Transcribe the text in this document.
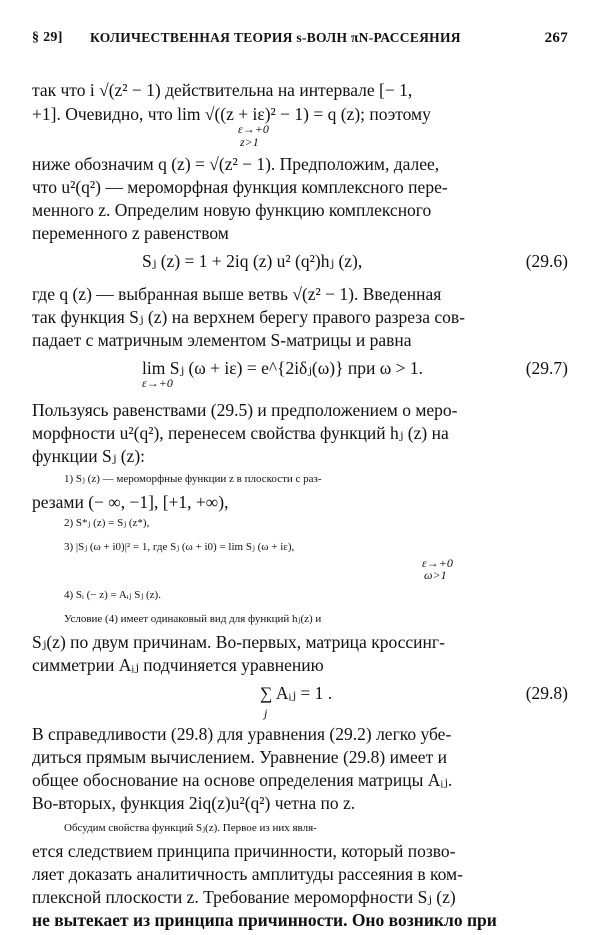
§ 29] КОЛИЧЕСТВЕННАЯ ТЕОРИЯ s-ВОЛН πN-РАССЕЯНИЯ	267
так что i √(z² − 1) действительна на интервале [− 1,
+1]. Очевидно, что lim √((z + iε)² − 1) = q (z); поэтому
ε→+0
z>1
ниже обозначим q (z) = √(z² − 1). Предположим, далее,
что u²(q²) — мероморфная функция комплексного пере-
менного z. Определим новую функцию комплексного
переменного z равенством
Sⱼ (z) = 1 + 2iq (z) u² (q²)hⱼ (z),	(29.6)
где q (z) — выбранная выше ветвь √(z² − 1). Введенная
так функция Sⱼ (z) на верхнем берегу правого разреза сов-
падает с матричным элементом S-матрицы и равна
lim Sⱼ (ω + iε) = e^{2iδⱼ(ω)} при ω > 1.	(29.7)
ε→+0
Пользуясь равенствами (29.5) и предположением о меро-
морфности u²(q²), перенесем свойства функций hⱼ (z) на
функции Sⱼ (z):
1) Sⱼ (z) — мероморфные функции z в плоскости с раз-
резами (− ∞, −1], [+1, +∞),
2) S*ⱼ (z) = Sⱼ (z*),
3) |Sⱼ (ω + i0)|² = 1, где Sⱼ (ω + i0) = lim Sⱼ (ω + iε),
ε→+0
ω>1
4) Sᵢ (− z) = Aᵢⱼ Sⱼ (z).
Условие (4) имеет одинаковый вид для функций hⱼ(z) и
Sⱼ(z) по двум причинам. Во-первых, матрица кроссинг-
симметрии Aᵢⱼ подчиняется уравнению
∑ Aᵢⱼ = 1 .
j
(29.8)
В справедливости (29.8) для уравнения (29.2) легко убе-
диться прямым вычислением. Уравнение (29.8) имеет и
общее обоснование на основе определения матрицы Aᵢⱼ.
Во-вторых, функция 2iq(z)u²(q²) четна по z.
Обсудим свойства функций Sⱼ(z). Первое из них явля-
ется следствием принципа причинности, который позво-
ляет доказать аналитичность амплитуды рассеяния в ком-
плексной плоскости z. Требование мероморфности Sⱼ (z)
не вытекает из принципа причинности. Оно возникло при
